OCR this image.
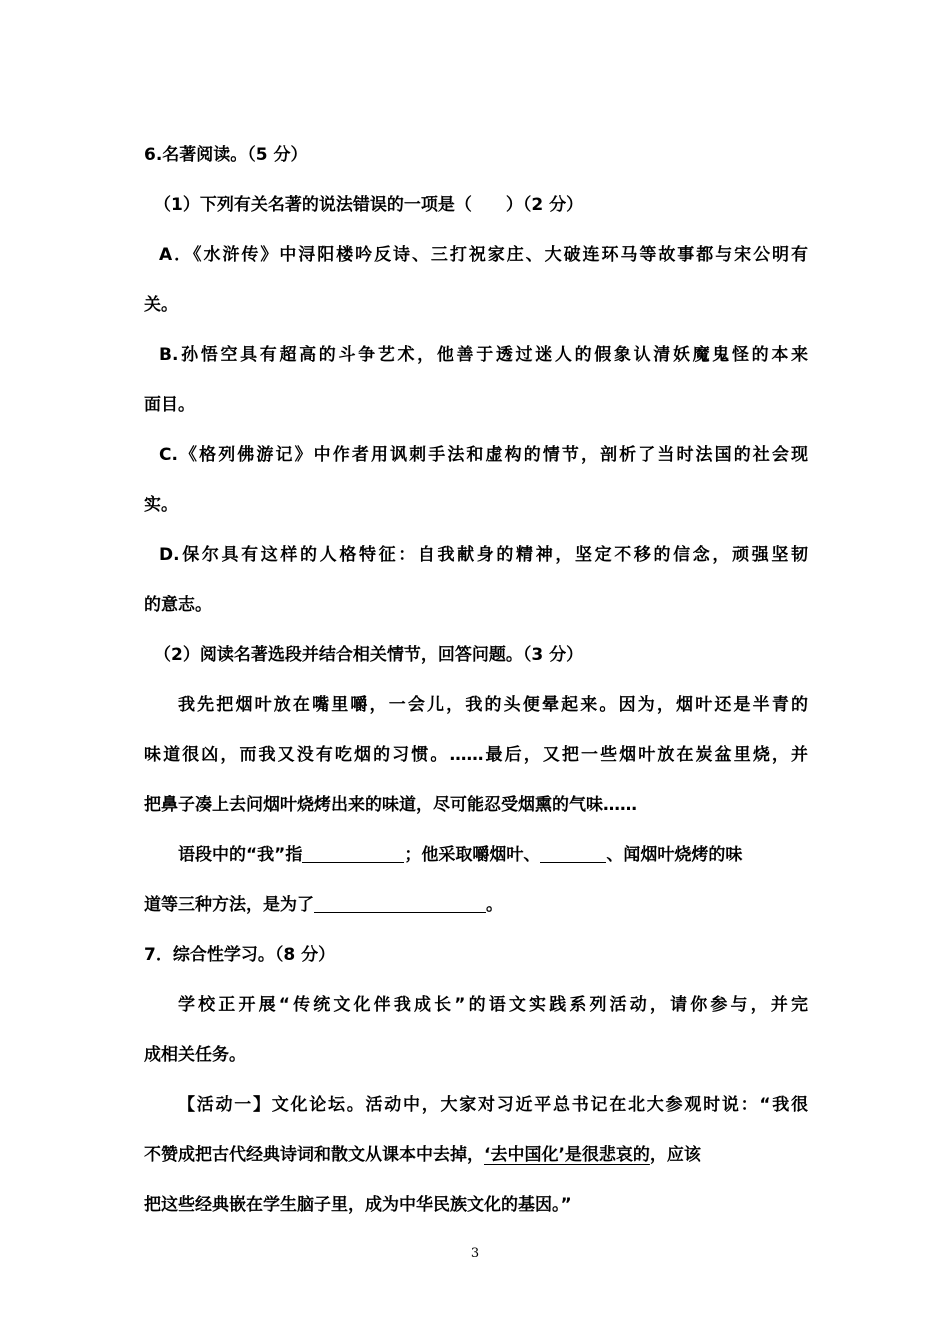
6.名著阅读。（5 分）
（1）下列有关名著的说法错误的一项是（　　）（2 分）
A．《水浒传》中浔阳楼吟反诗、三打祝家庄、大破连环马等故事都与宋公明有
关。
B.孙悟空具有超高的斗争艺术，他善于透过迷人的假象认清妖魔鬼怪的本来
面目。
C.《格列佛游记》中作者用讽刺手法和虚构的情节，剖析了当时法国的社会现
实。
D.保尔具有这样的人格特征：自我献身的精神，坚定不移的信念，顽强坚韧
的意志。
（2）阅读名著选段并结合相关情节，回答问题。（3 分）
我先把烟叶放在嘴里嚼，一会儿，我的头便晕起来。因为，烟叶还是半青的
味道很凶，而我又没有吃烟的习惯。……最后，又把一些烟叶放在炭盆里烧，并
把鼻子凑上去问烟叶烧烤出来的味道，尽可能忍受烟熏的气味……
语段中的“我”指	；他采取嚼烟叶、	、闻烟叶烧烤的味
道等三种方法，是为了	。
7．综合性学习。（8 分）
学校正开展“传统文化伴我成长”的语文实践系列活动，请你参与，并完
成相关任务。
【活动一】文化论坛。活动中，大家对习近平总书记在北大参观时说：“我很
不赞成把古代经典诗词和散文从课本中去掉，‘去中国化’是很悲哀的，应该
把这些经典嵌在学生脑子里，成为中华民族文化的基因。”
3
